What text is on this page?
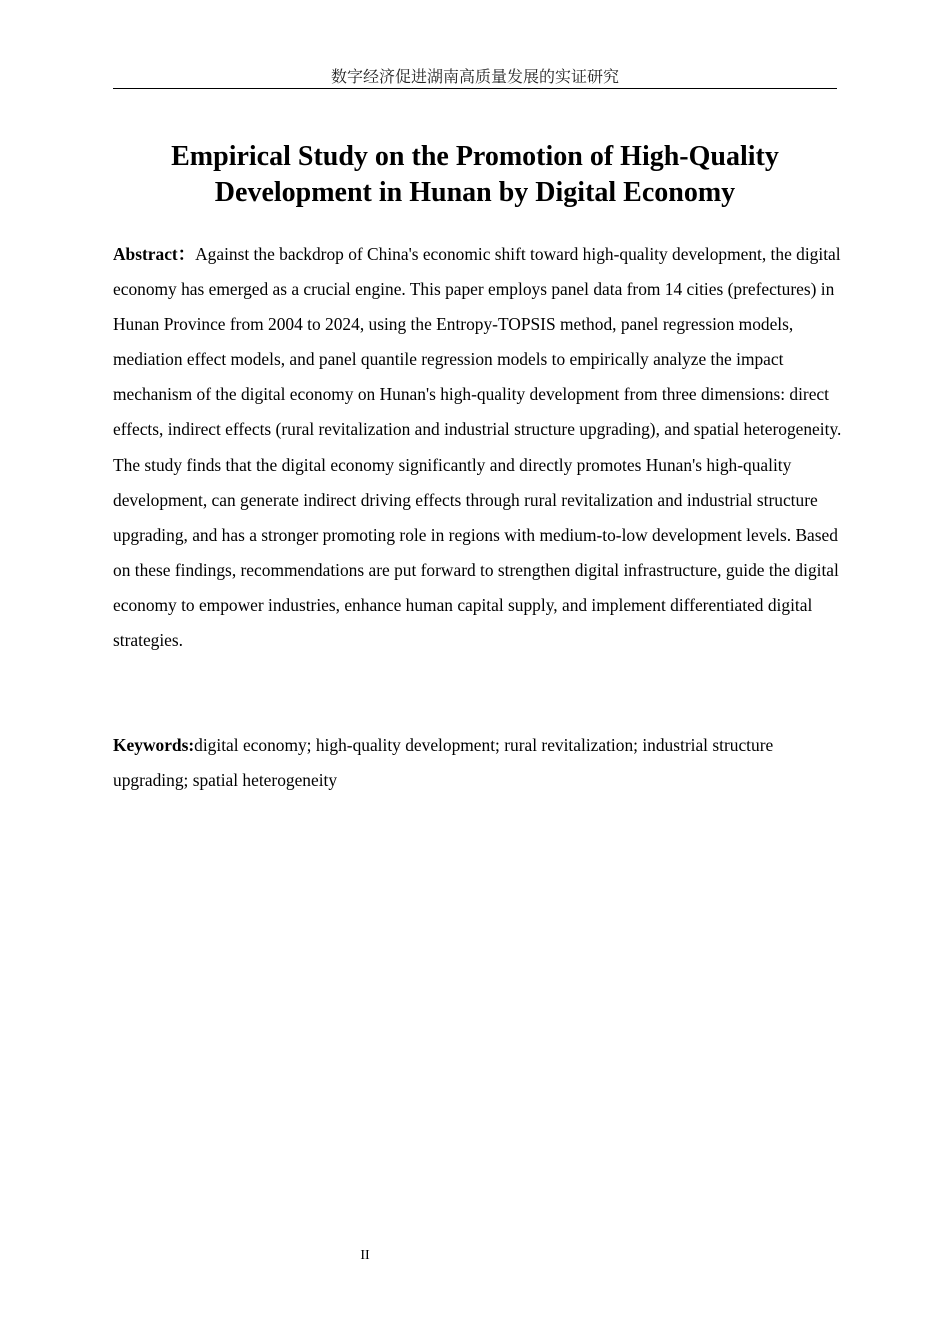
数字经济促进湖南高质量发展的实证研究
Empirical Study on the Promotion of High-Quality Development in Hunan by Digital Economy

Abstract：Against the backdrop of China's economic shift toward high-quality development, the digital economy has emerged as a crucial engine. This paper employs panel data from 14 cities (prefectures) in Hunan Province from 2004 to 2024, using the Entropy-TOPSIS method, panel regression models, mediation effect models, and panel quantile regression models to empirically analyze the impact mechanism of the digital economy on Hunan's high-quality development from three dimensions: direct effects, indirect effects (rural revitalization and industrial structure upgrading), and spatial heterogeneity. The study finds that the digital economy significantly and directly promotes Hunan's high-quality development, can generate indirect driving effects through rural revitalization and industrial structure upgrading, and has a stronger promoting role in regions with medium-to-low development levels. Based on these findings, recommendations are put forward to strengthen digital infrastructure, guide the digital economy to empower industries, enhance human capital supply, and implement differentiated digital strategies.

Keywords:digital economy; high-quality development; rural revitalization; industrial structure upgrading; spatial heterogeneity

II
